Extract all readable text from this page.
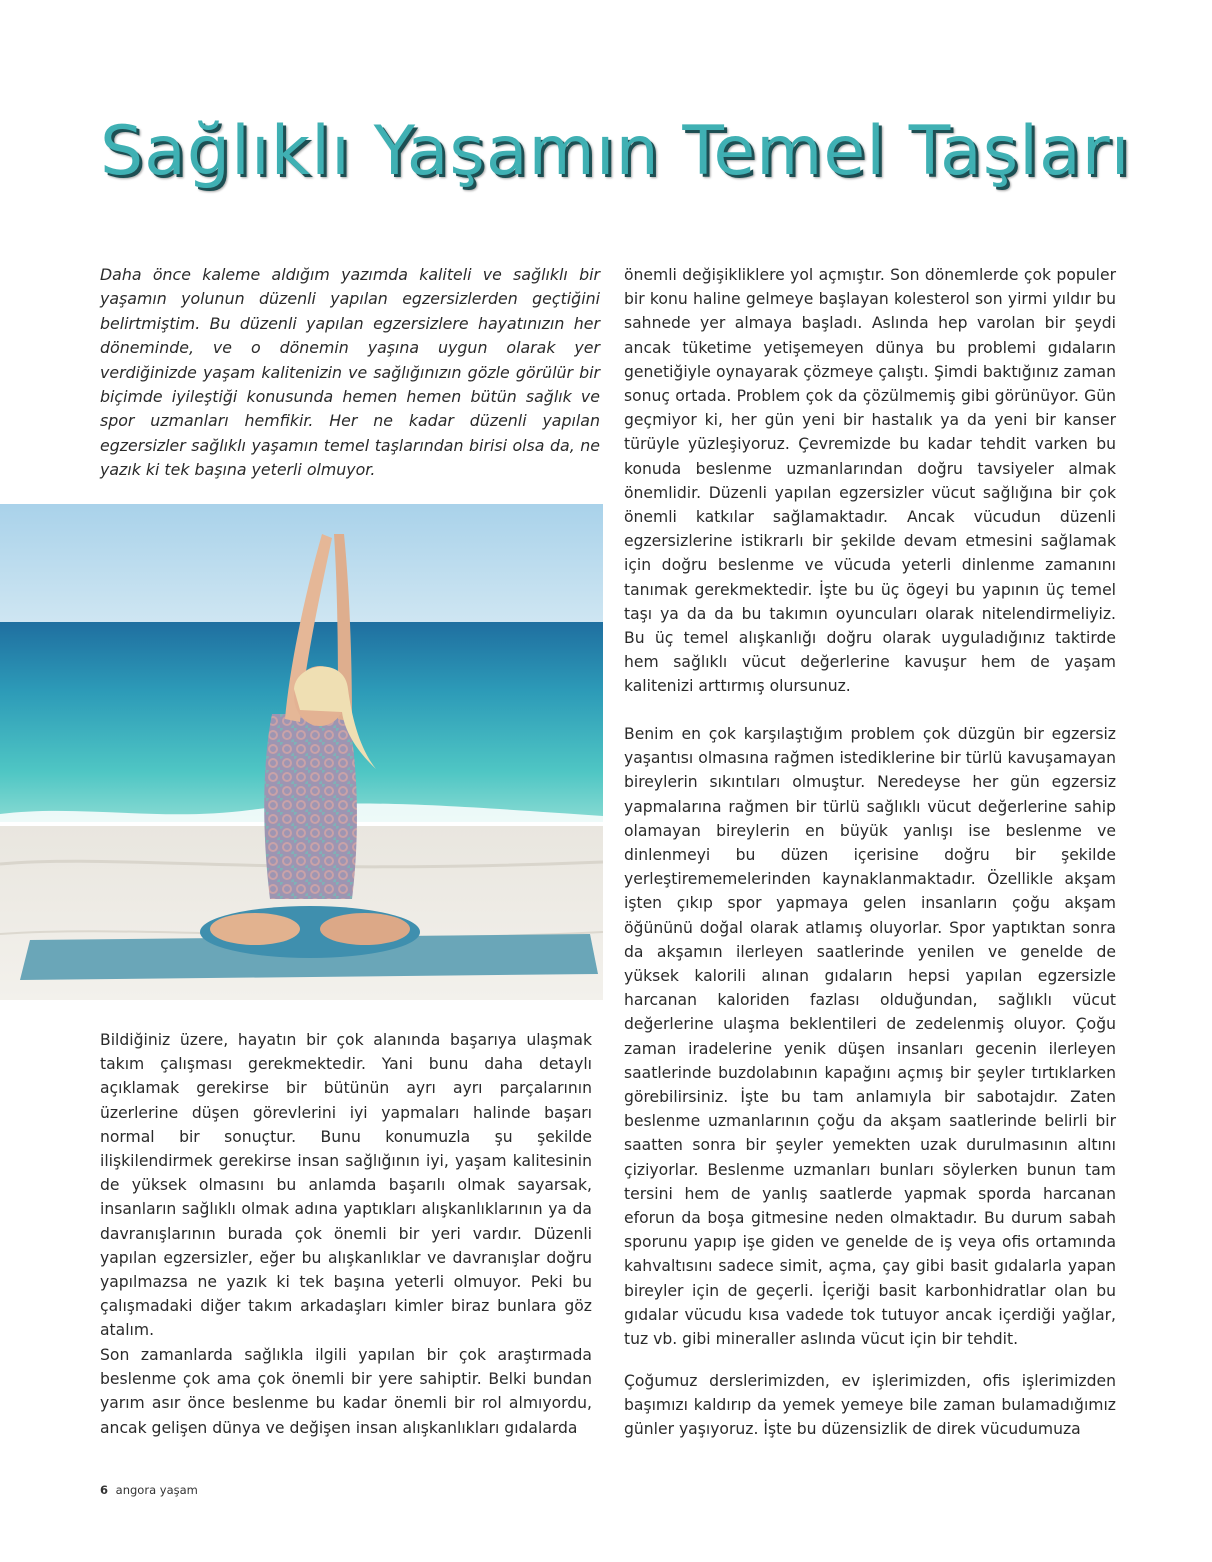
Sağlıklı Yaşamın Temel Taşları

Daha önce kaleme aldığım yazımda kaliteli ve sağlıklı bir yaşamın yolunun düzenli yapılan egzersizlerden geçtiğini belirtmiştim. Bu düzenli yapılan egzersizlere hayatınızın her döneminde, ve o dönemin yaşına uygun olarak yer verdiğinizde yaşam kalitenizin ve sağlığınızın gözle görülür bir biçimde iyileştiği konusunda hemen hemen bütün sağlık ve spor uzmanları hemfikir. Her ne kadar düzenli yapılan egzersizler sağlıklı yaşamın temel taşlarından birisi olsa da, ne yazık ki tek başına yeterli olmuyor.

Bildiğiniz üzere, hayatın bir çok alanında başarıya ulaşmak takım çalışması gerekmektedir. Yani bunu daha detaylı açıklamak gerekirse bir bütünün ayrı ayrı parçalarının üzerlerine düşen görevlerini iyi yapmaları halinde başarı normal bir sonuçtur. Bunu konumuzla şu şekilde ilişkilendirmek gerekirse insan sağlığının iyi, yaşam kalitesinin de yüksek olmasını bu anlamda başarılı olmak sayarsak, insanların sağlıklı olmak adına yaptıkları alışkanlıklarının ya da davranışlarının burada çok önemli bir yeri vardır. Düzenli yapılan egzersizler, eğer bu alışkanlıklar ve davranışlar doğru yapılmazsa ne yazık ki tek başına yeterli olmuyor. Peki bu çalışmadaki diğer takım arkadaşları kimler biraz bunlara göz atalım.

Son zamanlarda sağlıkla ilgili yapılan bir çok araştırmada beslenme çok ama çok önemli bir yere sahiptir. Belki bundan yarım asır önce beslenme bu kadar önemli bir rol almıyordu, ancak gelişen dünya ve değişen insan alışkanlıkları gıdalarda

önemli değişikliklere yol açmıştır. Son dönemlerde çok populer bir konu haline gelmeye başlayan kolesterol son yirmi yıldır bu sahnede yer almaya başladı. Aslında hep varolan bir şeydi ancak tüketime yetişemeyen dünya bu problemi gıdaların genetiğiyle oynayarak çözmeye çalıştı. Şimdi baktığınız zaman sonuç ortada. Problem çok da çözülmemiş gibi görünüyor. Gün geçmiyor ki, her gün yeni bir hastalık ya da yeni bir kanser türüyle yüzleşiyoruz. Çevremizde bu kadar tehdit varken bu konuda beslenme uzmanlarından doğru tavsiyeler almak önemlidir. Düzenli yapılan egzersizler vücut sağlığına bir çok önemli katkılar sağlamaktadır. Ancak vücudun düzenli egzersizlerine istikrarlı bir şekilde devam etmesini sağlamak için doğru beslenme ve vücuda yeterli dinlenme zamanını tanımak gerekmektedir. İşte bu üç ögeyi bu yapının üç temel taşı ya da da bu takımın oyuncuları olarak nitelendirmeliyiz. Bu üç temel alışkanlığı doğru olarak uyguladığınız taktirde hem sağlıklı vücut değerlerine kavuşur hem de yaşam kalitenizi arttırmış olursunuz.

Benim en çok karşılaştığım problem çok düzgün bir egzersiz yaşantısı olmasına rağmen istediklerine bir türlü kavuşamayan bireylerin sıkıntıları olmuştur. Neredeyse her gün egzersiz yapmalarına rağmen bir türlü sağlıklı vücut değerlerine sahip olamayan bireylerin en büyük yanlışı ise beslenme ve dinlenmeyi bu düzen içerisine doğru bir şekilde yerleştirememelerinden kaynaklanmaktadır. Özellikle akşam işten çıkıp spor yapmaya gelen insanların çoğu akşam öğününü doğal olarak atlamış oluyorlar. Spor yaptıktan sonra da akşamın ilerleyen saatlerinde yenilen ve genelde de yüksek kalorili alınan gıdaların hepsi yapılan egzersizle harcanan kaloriden fazlası olduğundan, sağlıklı vücut değerlerine ulaşma beklentileri de zedelenmiş oluyor. Çoğu zaman iradelerine yenik düşen insanları gecenin ilerleyen saatlerinde buzdolabının kapağını açmış bir şeyler tırtıklarken görebilirsiniz. İşte bu tam anlamıyla bir sabotajdır. Zaten beslenme uzmanlarının çoğu da akşam saatlerinde belirli bir saatten sonra bir şeyler yemekten uzak durulmasının altını çiziyorlar. Beslenme uzmanları bunları söylerken bunun tam tersini hem de yanlış saatlerde yapmak sporda harcanan eforun da boşa gitmesine neden olmaktadır. Bu durum sabah sporunu yapıp işe giden ve genelde de iş veya ofis ortamında kahvaltısını sadece simit, açma, çay gibi basit gıdalarla yapan bireyler için de geçerli. İçeriği basit karbonhidratlar olan bu gıdalar vücudu kısa vadede tok tutuyor ancak içerdiği yağlar, tuz vb. gibi mineraller aslında vücut için bir tehdit.

Çoğumuz derslerimizden, ev işlerimizden, ofis işlerimizden başımızı kaldırıp da yemek yemeye bile zaman bulamadığımız günler yaşıyoruz. İşte bu düzensizlik de direk vücudumuza

6 angora yaşam
